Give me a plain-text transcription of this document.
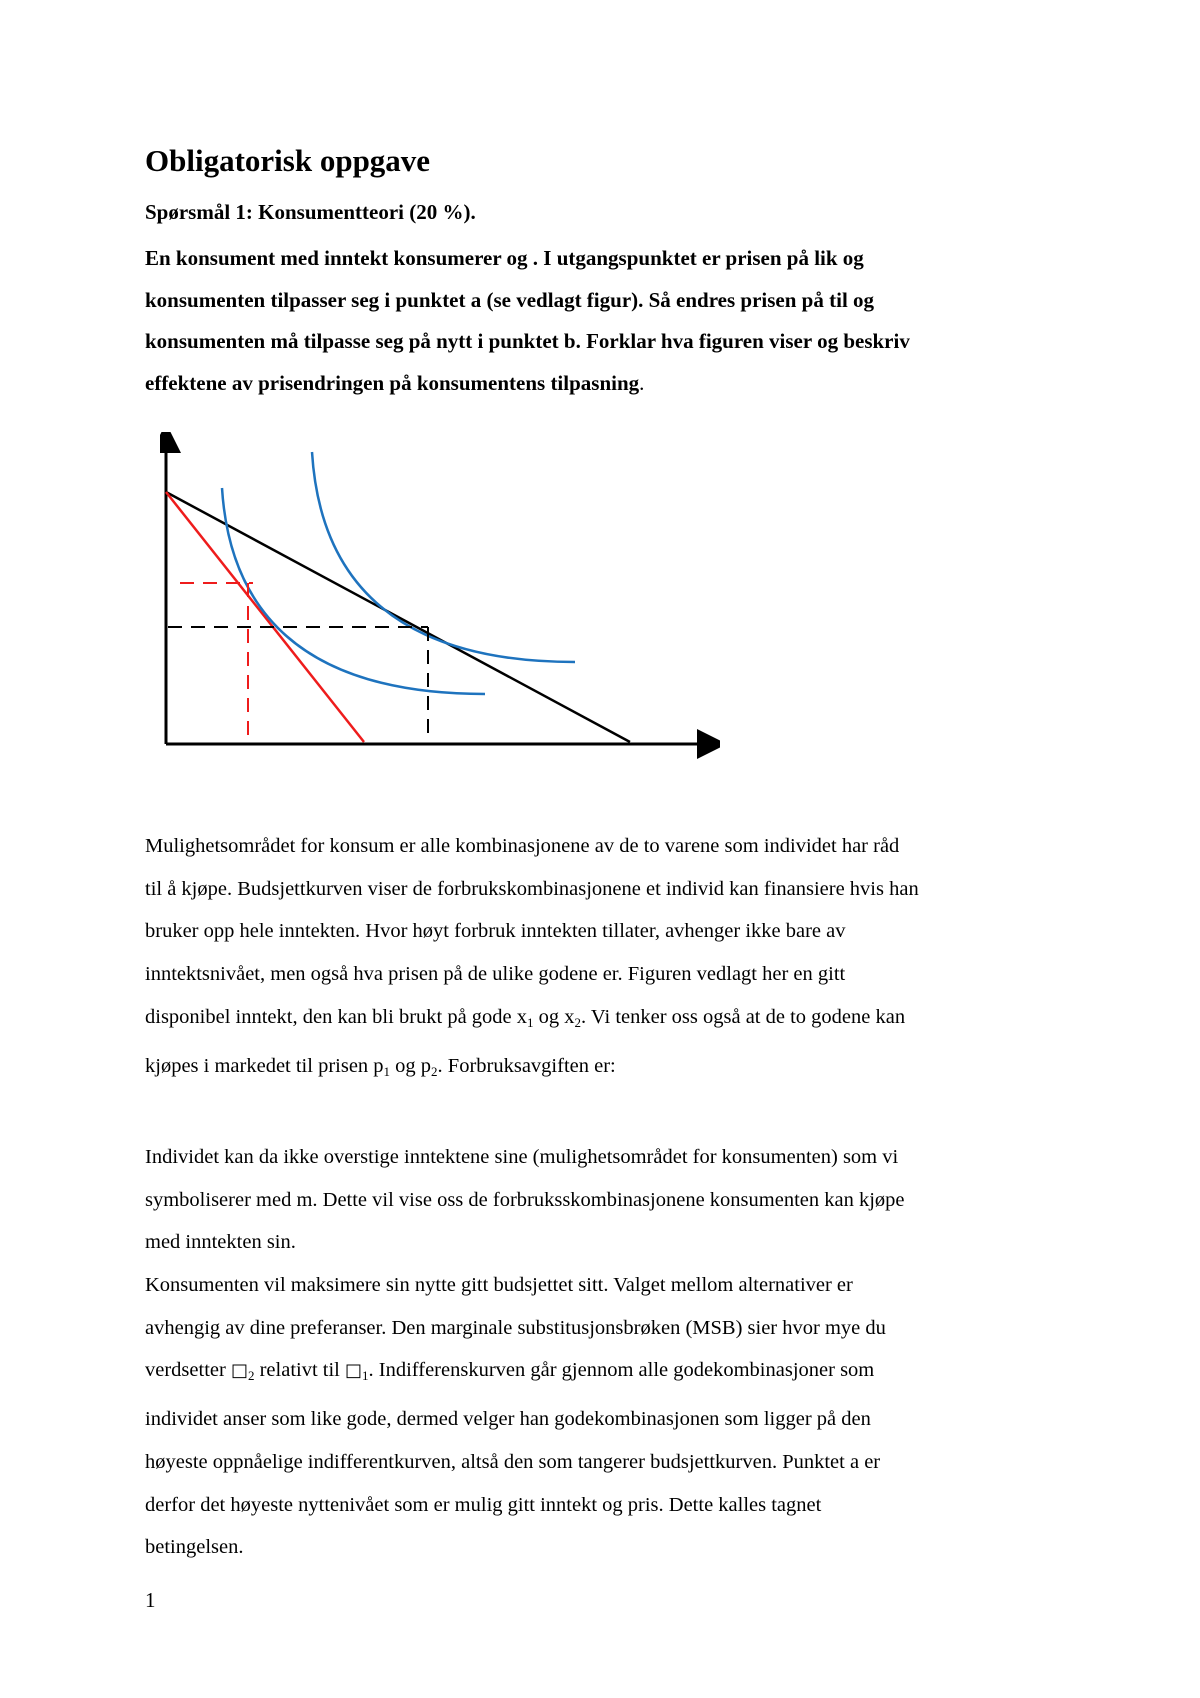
Obligatorisk oppgave
Spørsmål 1: Konsumentteori (20 %).

En konsument med inntekt konsumerer og . I utgangspunktet er prisen på lik og

konsumenten tilpasser seg i punktet a (se vedlagt figur). Så endres prisen på til og

konsumenten må tilpasse seg på nytt i punktet b. Forklar hva figuren viser og beskriv

effektene av prisendringen på konsumentens tilpasning.

Mulighetsområdet for konsum er alle kombinasjonene av de to varene som individet har råd

til å kjøpe. Budsjettkurven viser de forbrukskombinasjonene et individ kan finansiere hvis han

bruker opp hele inntekten. Hvor høyt forbruk inntekten tillater, avhenger ikke bare av

inntektsnivået, men også hva prisen på de ulike godene er. Figuren vedlagt her en gitt

disponibel inntekt, den kan bli brukt på gode $x_1$ og $x_2$. Vi tenker oss også at de to godene kan

kjøpes i markedet til prisen $p_1$ og $p_2$. Forbruksavgiften er:

Individet kan da ikke overstige inntektene sine (mulighetsområdet for konsumenten) som vi

symboliserer med m. Dette vil vise oss de forbruksskombinasjonene konsumenten kan kjøpe

med inntekten sin.

Konsumenten vil maksimere sin nytte gitt budsjettet sitt. Valget mellom alternativer er

avhengig av dine preferanser. Den marginale substitusjonsbrøken (MSB) sier hvor mye du

verdsetter $□_2$ relativt til $□_1$. Indifferenskurven går gjennom alle godekombinasjoner som

individet anser som like gode, dermed velger han godekombinasjonen som ligger på den

høyeste oppnåelige indifferentkurven, altså den som tangerer budsjettkurven. Punktet a er

derfor det høyeste nyttenivået som er mulig gitt inntekt og pris. Dette kalles tagnet

betingelsen.

1
